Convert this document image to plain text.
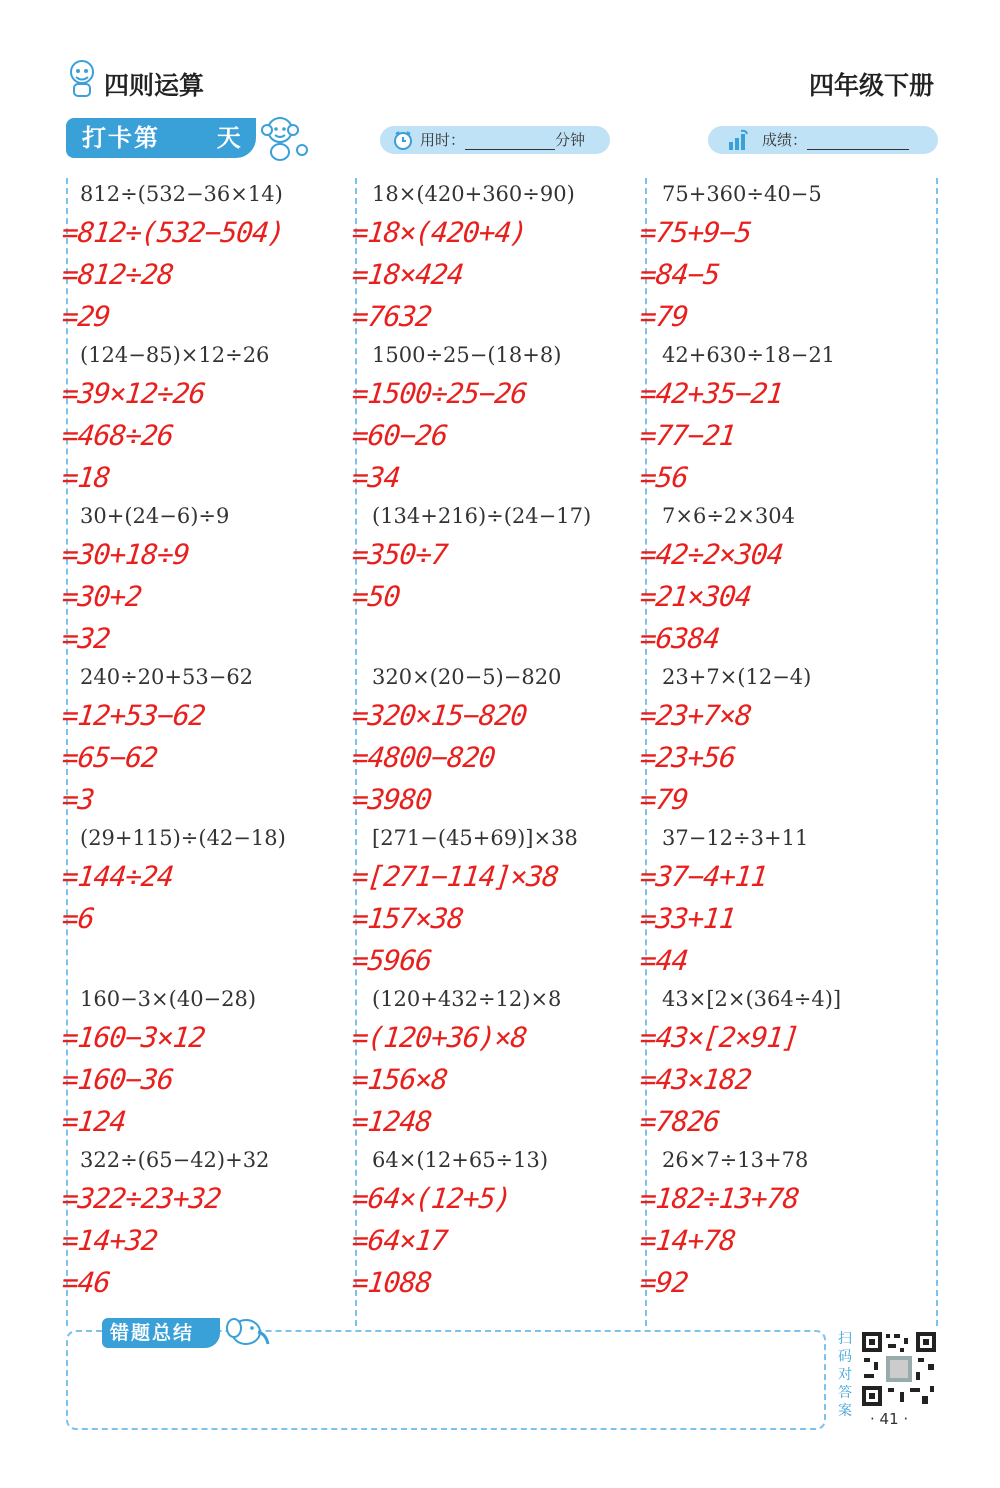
四则运算	四年级下册
打卡第 天	用时：	分钟	成绩：
812÷(532−36×14)
=812÷(532−504)
=812÷28
=29
(124−85)×12÷26
=39×12÷26
=468÷26
=18
30+(24−6)÷9
=30+18÷9
=30+2
=32
240÷20+53−62
=12+53−62
=65−62
=3
(29+115)÷(42−18)
=144÷24
=6
160−3×(40−28)
=160−3×12
=160−36
=124
322÷(65−42)+32
=322÷23+32
=14+32
=46
18×(420+360÷90)
=18×(420+4)
=18×424
=7632
1500÷25−(18+8)
=1500÷25−26
=60−26
=34
(134+216)÷(24−17)
=350÷7
=50
320×(20−5)−820
=320×15−820
=4800−820
=3980
[271−(45+69)]×38
=[271−114]×38
=157×38
=5966
(120+432÷12)×8
=(120+36)×8
=156×8
=1248
64×(12+65÷13)
=64×(12+5)
=64×17
=1088
75+360÷40−5
=75+9−5
=84−5
=79
42+630÷18−21
=42+35−21
=77−21
=56
7×6÷2×304
=42÷2×304
=21×304
=6384
23+7×(12−4)
=23+7×8
=23+56
=79
37−12÷3+11
=37−4+11
=33+11
=44
43×[2×(364÷4)]
=43×[2×91]
=43×182
=7826
26×7÷13+78
=182÷13+78
=14+78
=92
错题总结	扫码对答案 · 41 ·
